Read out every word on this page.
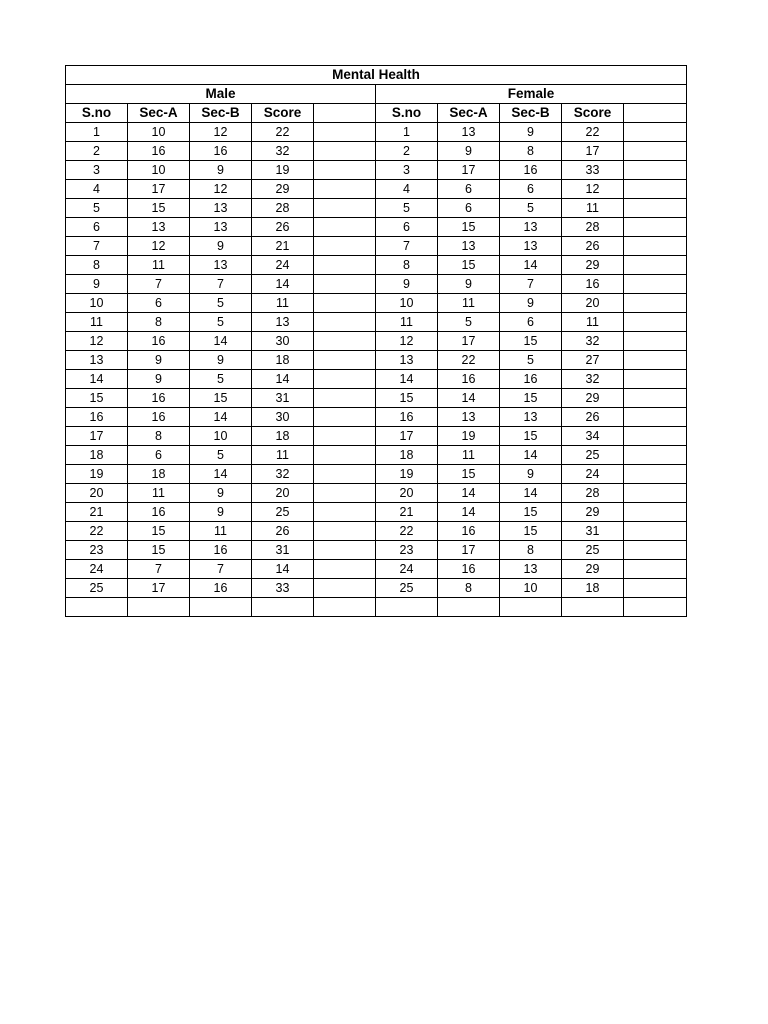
Mental Health									
Male					Female				
S.no	Sec-A	Sec-B	Score		S.no	Sec-A	Sec-B	Score	
1	10	12	22		1	13	9	22	
2	16	16	32		2	9	8	17	
3	10	9	19		3	17	16	33	
4	17	12	29		4	6	6	12	
5	15	13	28		5	6	5	11	
6	13	13	26		6	15	13	28	
7	12	9	21		7	13	13	26	
8	11	13	24		8	15	14	29	
9	7	7	14		9	9	7	16	
10	6	5	11		10	11	9	20	
11	8	5	13		11	5	6	11	
12	16	14	30		12	17	15	32	
13	9	9	18		13	22	5	27	
14	9	5	14		14	16	16	32	
15	16	15	31		15	14	15	29	
16	16	14	30		16	13	13	26	
17	8	10	18		17	19	15	34	
18	6	5	11		18	11	14	25	
19	18	14	32		19	15	9	24	
20	11	9	20		20	14	14	28	
21	16	9	25		21	14	15	29	
22	15	11	26		22	16	15	31	
23	15	16	31		23	17	8	25	
24	7	7	14		24	16	13	29	
25	17	16	33		25	8	10	18	
